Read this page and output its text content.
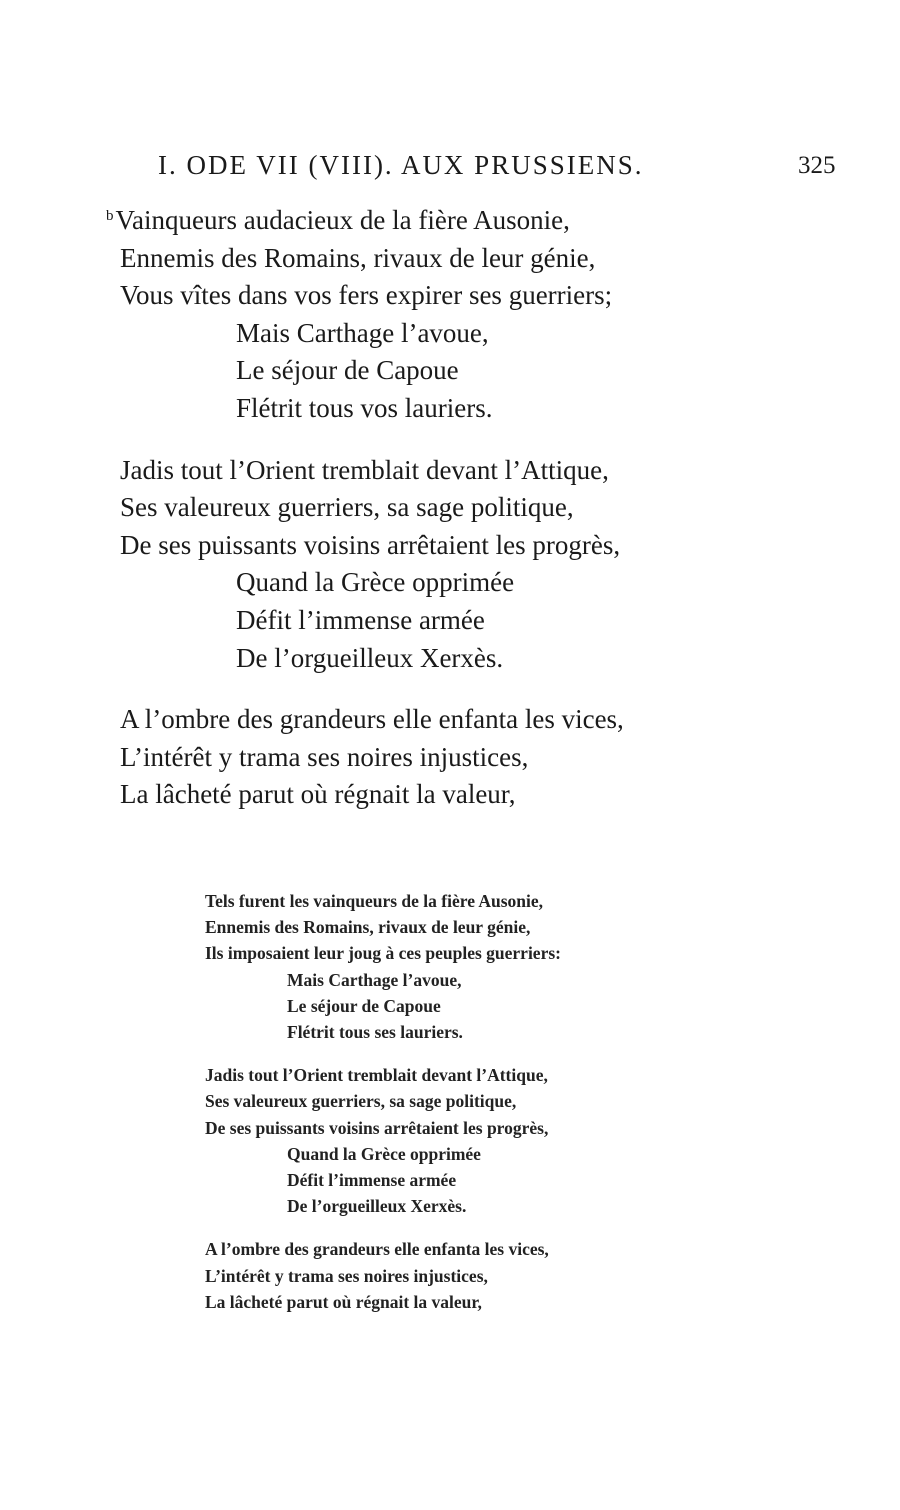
I. ODE VII (VIII). AUX PRUSSIENS.	325
$^b$Vainqueurs audacieux de la fière Ausonie,
Ennemis des Romains, rivaux de leur génie,
Vous vîtes dans vos fers expirer ses guerriers;
Mais Carthage l’avoue,
Le séjour de Capoue
Flétrit tous vos lauriers.
Jadis tout l’Orient tremblait devant l’Attique,
Ses valeureux guerriers, sa sage politique,
De ses puissants voisins arrêtaient les progrès,
Quand la Grèce opprimée
Défit l’immense armée
De l’orgueilleux Xerxès.
A l’ombre des grandeurs elle enfanta les vices,
L’intérêt y trama ses noires injustices,
La lâcheté parut où régnait la valeur,
Tels furent les vainqueurs de la fière Ausonie,
Ennemis des Romains, rivaux de leur génie,
Ils imposaient leur joug à ces peuples guerriers:
Mais Carthage l’avoue,
Le séjour de Capoue
Flétrit tous ses lauriers.
Jadis tout l’Orient tremblait devant l’Attique,
Ses valeureux guerriers, sa sage politique,
De ses puissants voisins arrêtaient les progrès,
Quand la Grèce opprimée
Défit l’immense armée
De l’orgueilleux Xerxès.
A l’ombre des grandeurs elle enfanta les vices,
L’intérêt y trama ses noires injustices,
La lâcheté parut où régnait la valeur,
